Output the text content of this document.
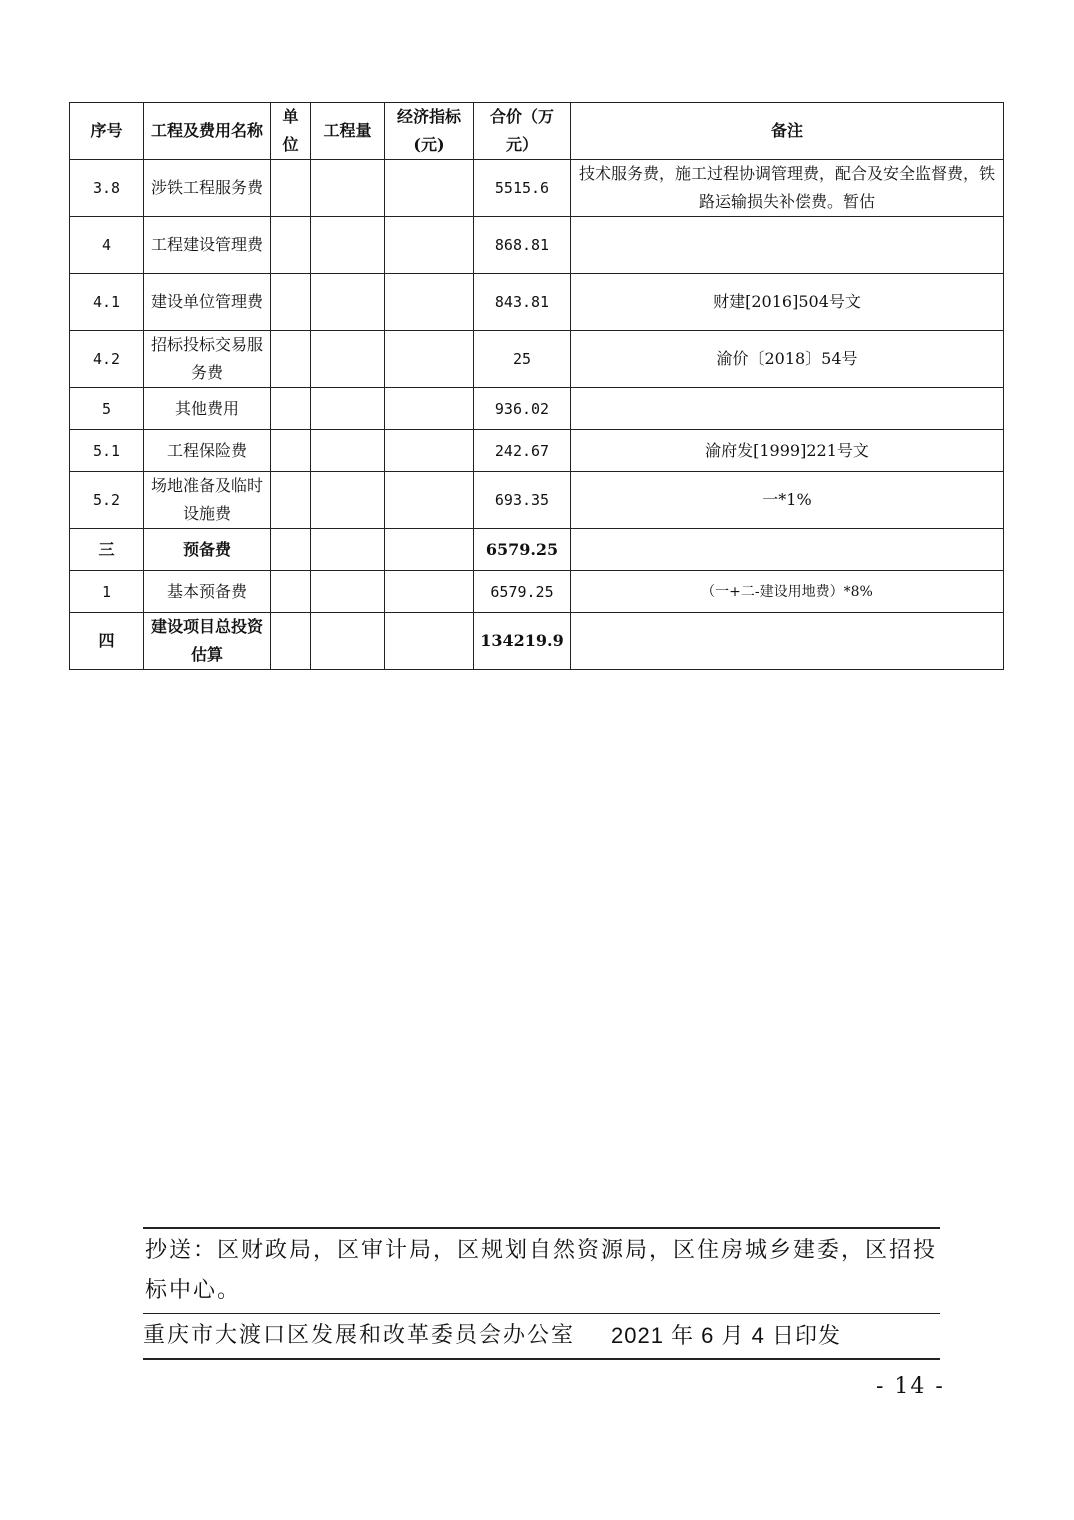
序号	工程及费用名称	单位	工程量	经济指标(元)	合价（万元）	备注
3.8	涉铁工程服务费				5515.6	技术服务费，施工过程协调管理费，配合及安全监督费，铁路运输损失补偿费。暂估
4	工程建设管理费				868.81	
4.1	建设单位管理费				843.81	财建[2016]504号文
4.2	招标投标交易服务费				25	渝价〔2018〕54号
5	其他费用				936.02	
5.1	工程保险费				242.67	渝府发[1999]221号文
5.2	场地准备及临时设施费				693.35	一*1%
三	预备费				6579.25	
1	基本预备费				6579.25	（一+二-建设用地费）*8%
四	建设项目总投资估算				134219.9	
抄送：区财政局，区审计局，区规划自然资源局，区住房城乡建委，区招投标中心。
重庆市大渡口区发展和改革委员会办公室 2021 年 6 月 4 日印发
- 14 -
